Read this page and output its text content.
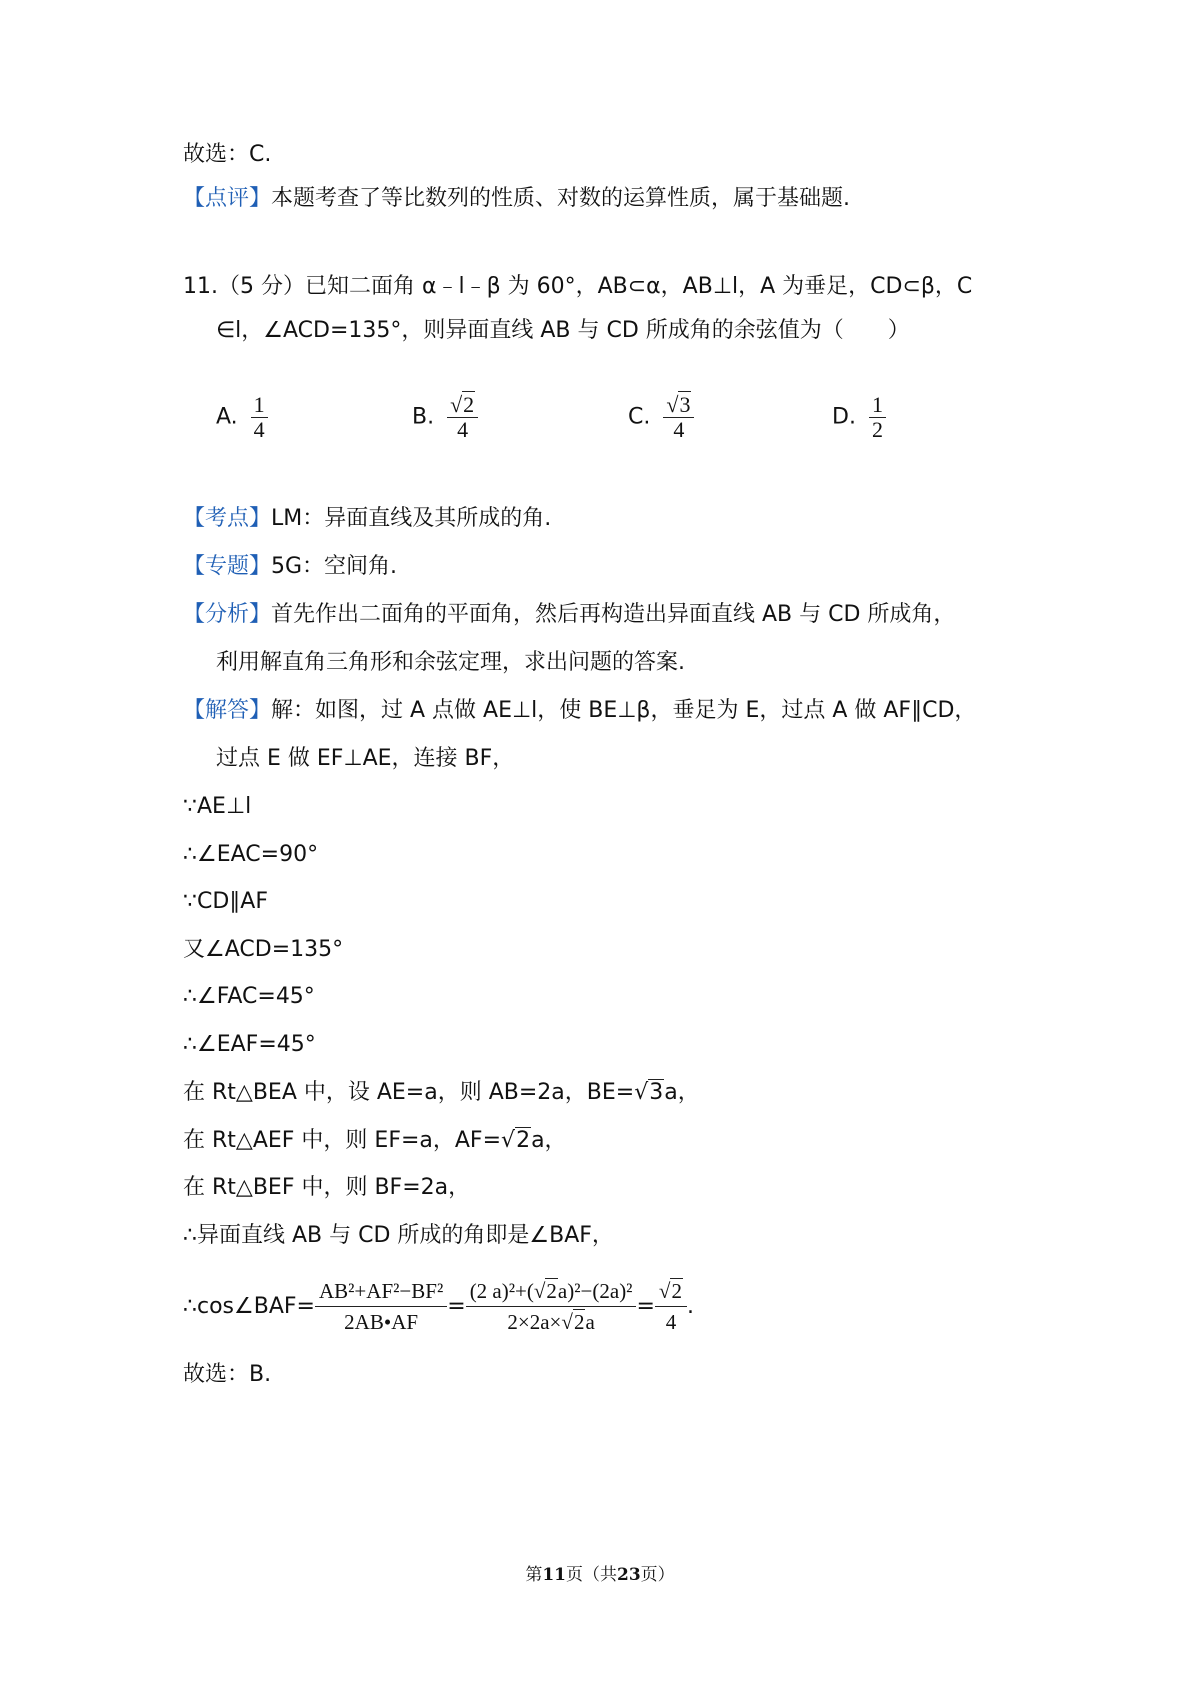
故选：C.
【点评】本题考查了等比数列的性质、对数的运算性质，属于基础题.
11.（5 分）已知二面角 α﹣l﹣β 为 60°，AB⊂α，AB⊥l，A 为垂足，CD⊂β，C
∈l，∠ACD=135°，则异面直线 AB 与 CD 所成角的余弦值为（　　）
A. $\frac{1}{4}$	B. $\frac{√2}{4}$	C. $\frac{√3}{4}$	D. $\frac{1}{2}$
【考点】LM：异面直线及其所成的角.
【专题】5G：空间角.
【分析】首先作出二面角的平面角，然后再构造出异面直线 AB 与 CD 所成角，
利用解直角三角形和余弦定理，求出问题的答案.
【解答】解：如图，过 A 点做 AE⊥l，使 BE⊥β，垂足为 E，过点 A 做 AF∥CD，
过点 E 做 EF⊥AE，连接 BF，
∵AE⊥l
∴∠EAC=90°
∵CD∥AF
又∠ACD=135°
∴∠FAC=45°
∴∠EAF=45°
在 Rt△BEA 中，设 AE=a，则 AB=2a，BE=√3a，
在 Rt△AEF 中，则 EF=a，AF=√2a，
在 Rt△BEF 中，则 BF=2a，
∴异面直线 AB 与 CD 所成的角即是∠BAF，
∴cos∠BAF= $\frac{\text{AB²+AF²−BF²}}{2AB•AF} = \frac{\text{(2 a)²+(√2a)²−(2a)²}}{2\times 2a\times√2a} = \frac{√2}{4}$ .
故选：B.
第11页（共23页）
